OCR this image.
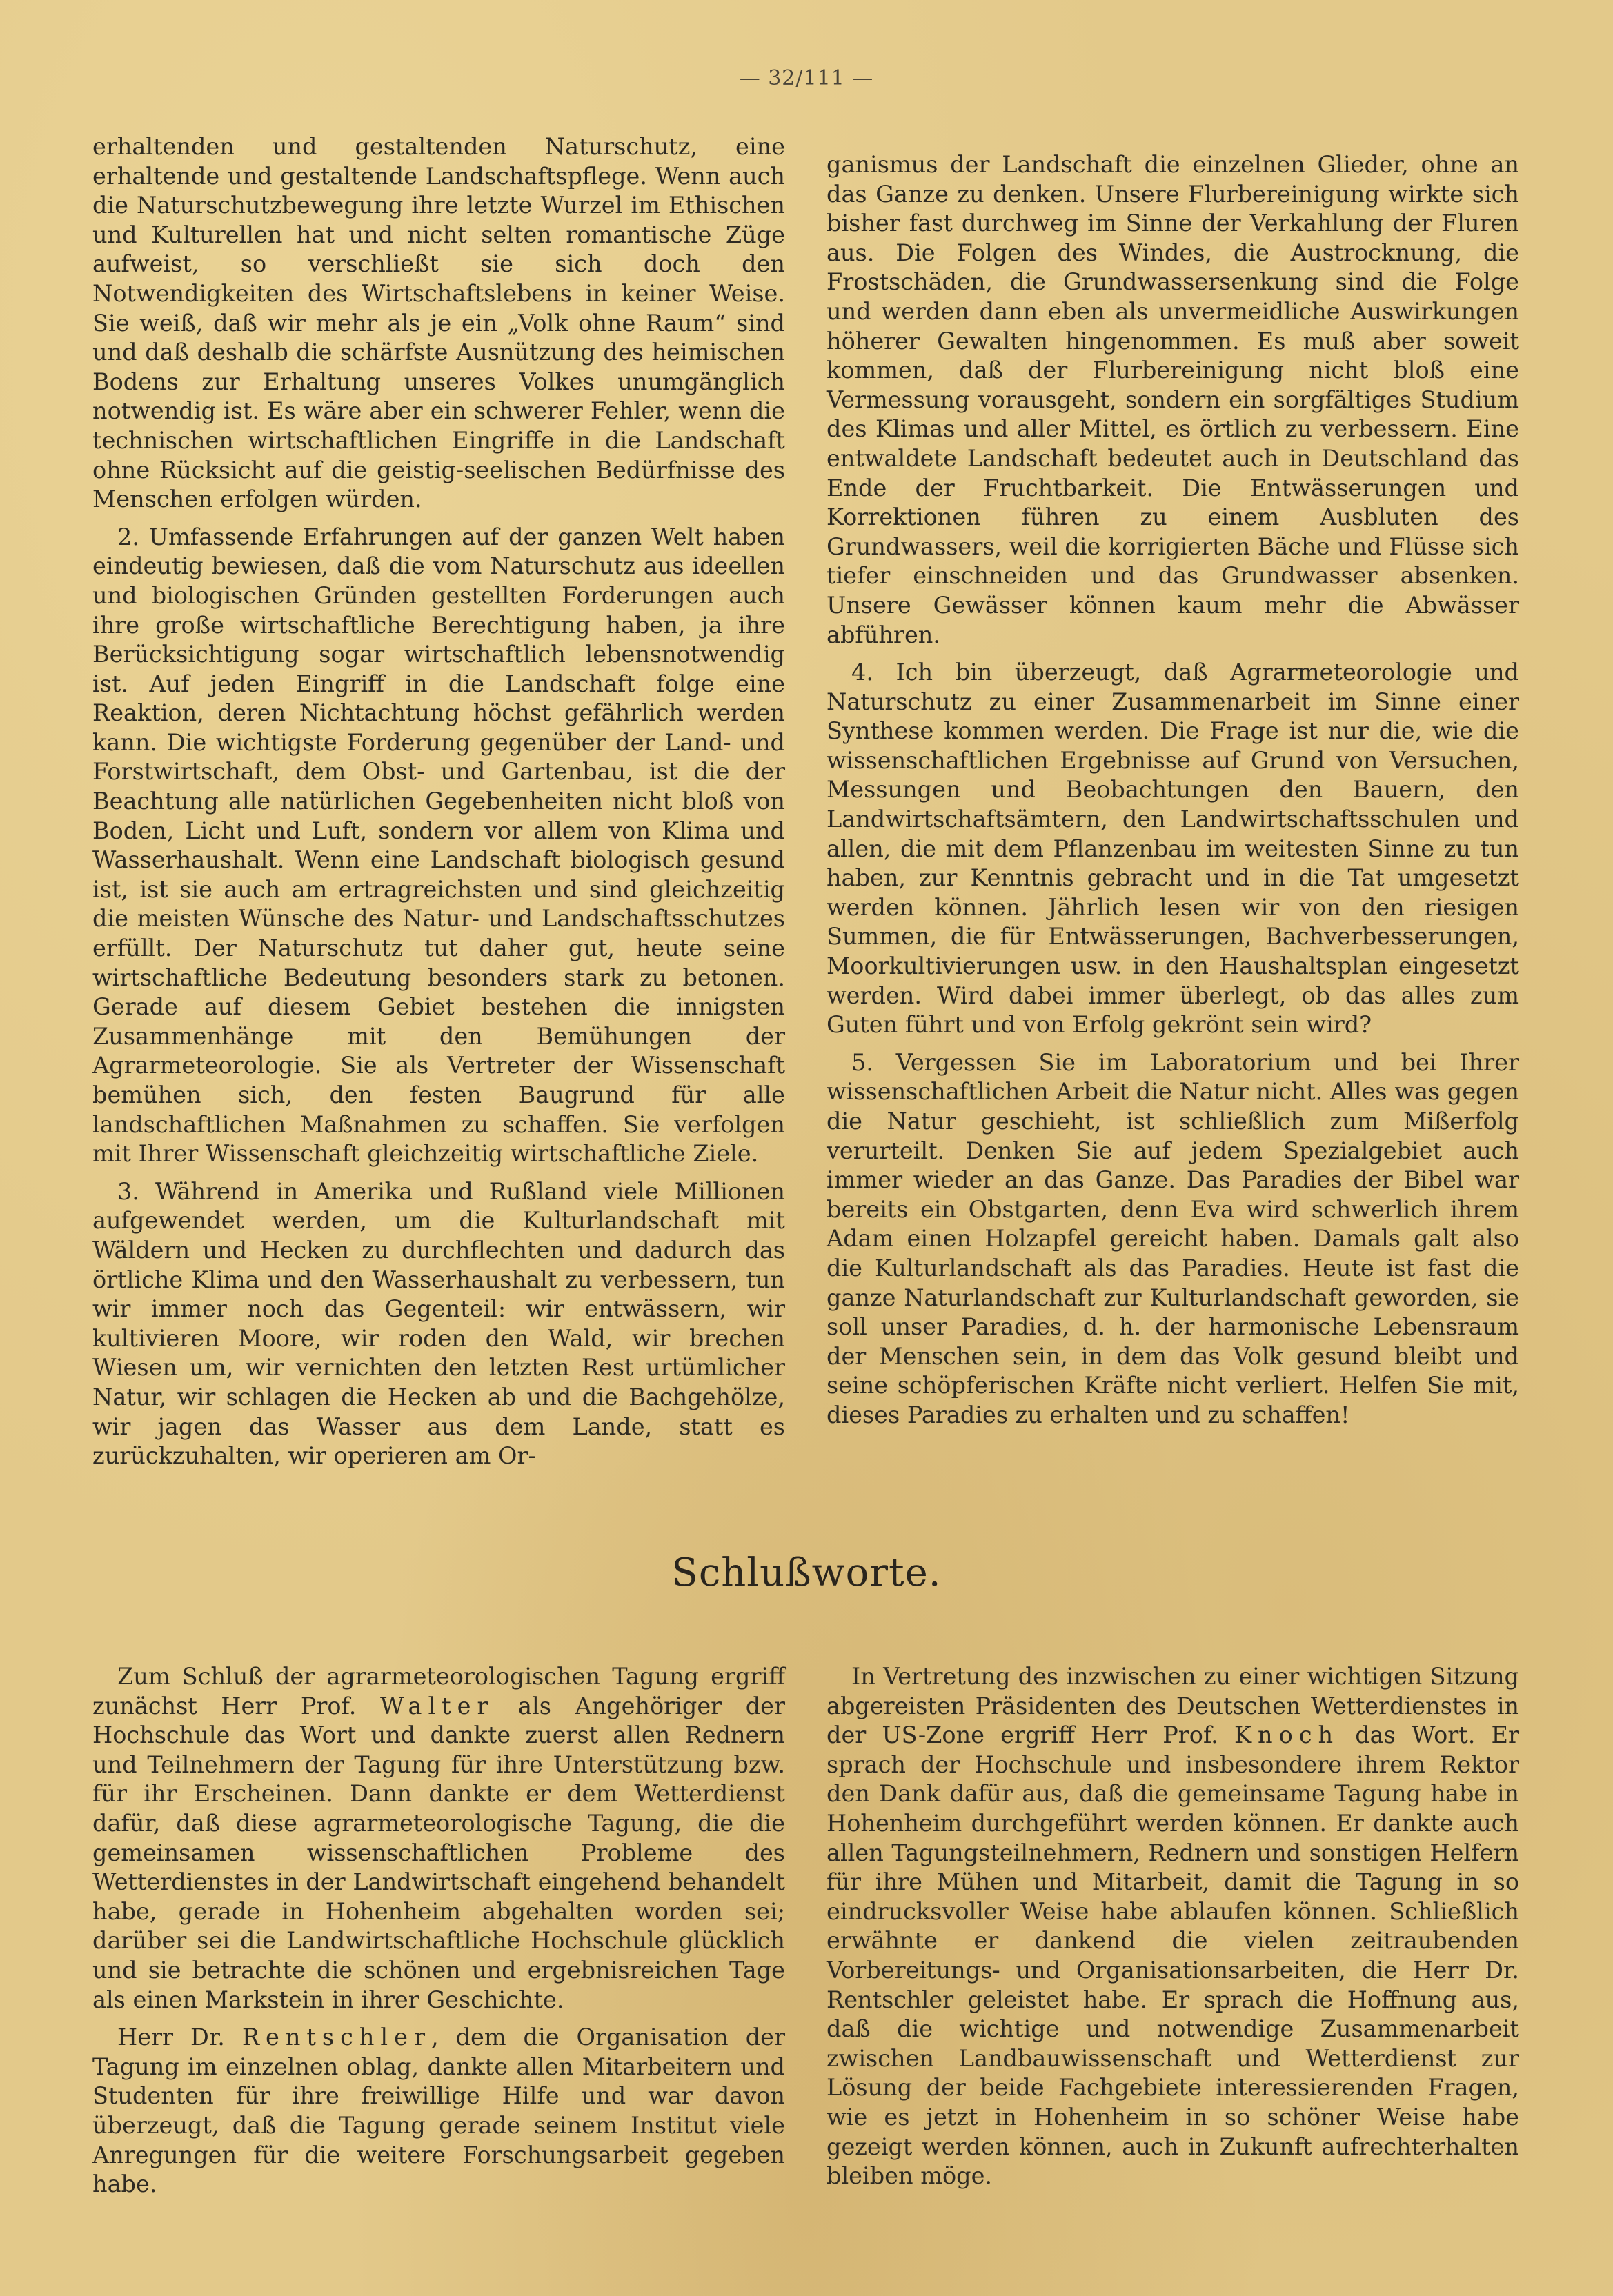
— 32/111 —

erhaltenden und gestaltenden Naturschutz, eine erhaltende und gestaltende Landschaftspflege. Wenn auch die Naturschutzbewegung ihre letzte Wurzel im Ethischen und Kulturellen hat und nicht selten romantische Züge aufweist, so verschließt sie sich doch den Notwendigkeiten des Wirtschaftslebens in keiner Weise. Sie weiß, daß wir mehr als je ein „Volk ohne Raum“ sind und daß deshalb die schärfste Ausnützung des heimischen Bodens zur Erhaltung unseres Volkes unumgänglich notwendig ist. Es wäre aber ein schwerer Fehler, wenn die technischen wirtschaftlichen Eingriffe in die Landschaft ohne Rücksicht auf die geistig-seelischen Bedürfnisse des Menschen erfolgen würden.

2. Umfassende Erfahrungen auf der ganzen Welt haben eindeutig bewiesen, daß die vom Naturschutz aus ideellen und biologischen Gründen gestellten Forderungen auch ihre große wirtschaftliche Berechtigung haben, ja ihre Berücksichtigung sogar wirtschaftlich lebensnotwendig ist. Auf jeden Eingriff in die Landschaft folge eine Reaktion, deren Nichtachtung höchst gefährlich werden kann. Die wichtigste Forderung gegenüber der Land- und Forstwirtschaft, dem Obst- und Gartenbau, ist die der Beachtung alle natürlichen Gegebenheiten nicht bloß von Boden, Licht und Luft, sondern vor allem von Klima und Wasserhaushalt. Wenn eine Landschaft biologisch gesund ist, ist sie auch am ertragreichsten und sind gleichzeitig die meisten Wünsche des Natur- und Landschaftsschutzes erfüllt. Der Naturschutz tut daher gut, heute seine wirtschaftliche Bedeutung besonders stark zu betonen. Gerade auf diesem Gebiet bestehen die innigsten Zusammenhänge mit den Bemühungen der Agrarmeteorologie. Sie als Vertreter der Wissenschaft bemühen sich, den festen Baugrund für alle landschaftlichen Maßnahmen zu schaffen. Sie verfolgen mit Ihrer Wissenschaft gleichzeitig wirtschaftliche Ziele.

3. Während in Amerika und Rußland viele Millionen aufgewendet werden, um die Kulturlandschaft mit Wäldern und Hecken zu durchflechten und dadurch das örtliche Klima und den Wasserhaushalt zu verbessern, tun wir immer noch das Gegenteil: wir entwässern, wir kultivieren Moore, wir roden den Wald, wir brechen Wiesen um, wir vernichten den letzten Rest urtümlicher Natur, wir schlagen die Hecken ab und die Bachgehölze, wir jagen das Wasser aus dem Lande, statt es zurückzuhalten, wir operieren am Or-

ganismus der Landschaft die einzelnen Glieder, ohne an das Ganze zu denken. Unsere Flurbereinigung wirkte sich bisher fast durchweg im Sinne der Verkahlung der Fluren aus. Die Folgen des Windes, die Austrocknung, die Frostschäden, die Grundwassersenkung sind die Folge und werden dann eben als unvermeidliche Auswirkungen höherer Gewalten hingenommen. Es muß aber soweit kommen, daß der Flurbereinigung nicht bloß eine Vermessung vorausgeht, sondern ein sorgfältiges Studium des Klimas und aller Mittel, es örtlich zu verbessern. Eine entwaldete Landschaft bedeutet auch in Deutschland das Ende der Fruchtbarkeit. Die Entwässerungen und Korrektionen führen zu einem Ausbluten des Grundwassers, weil die korrigierten Bäche und Flüsse sich tiefer einschneiden und das Grundwasser absenken. Unsere Gewässer können kaum mehr die Abwässer abführen.

4. Ich bin überzeugt, daß Agrarmeteorologie und Naturschutz zu einer Zusammenarbeit im Sinne einer Synthese kommen werden. Die Frage ist nur die, wie die wissenschaftlichen Ergebnisse auf Grund von Versuchen, Messungen und Beobachtungen den Bauern, den Landwirtschaftsämtern, den Landwirtschaftsschulen und allen, die mit dem Pflanzenbau im weitesten Sinne zu tun haben, zur Kenntnis gebracht und in die Tat umgesetzt werden können. Jährlich lesen wir von den riesigen Summen, die für Entwässerungen, Bachverbesserungen, Moorkultivierungen usw. in den Haushaltsplan eingesetzt werden. Wird dabei immer überlegt, ob das alles zum Guten führt und von Erfolg gekrönt sein wird?

5. Vergessen Sie im Laboratorium und bei Ihrer wissenschaftlichen Arbeit die Natur nicht. Alles was gegen die Natur geschieht, ist schließlich zum Mißerfolg verurteilt. Denken Sie auf jedem Spezialgebiet auch immer wieder an das Ganze. Das Paradies der Bibel war bereits ein Obstgarten, denn Eva wird schwerlich ihrem Adam einen Holzapfel gereicht haben. Damals galt also die Kulturlandschaft als das Paradies. Heute ist fast die ganze Naturlandschaft zur Kulturlandschaft geworden, sie soll unser Paradies, d. h. der harmonische Lebensraum der Menschen sein, in dem das Volk gesund bleibt und seine schöpferischen Kräfte nicht verliert. Helfen Sie mit, dieses Paradies zu erhalten und zu schaffen!

Schlußworte.

Zum Schluß der agrarmeteorologischen Tagung ergriff zunächst Herr Prof. Walter als Angehöriger der Hochschule das Wort und dankte zuerst allen Rednern und Teilnehmern der Tagung für ihre Unterstützung bzw. für ihr Erscheinen. Dann dankte er dem Wetterdienst dafür, daß diese agrarmeteorologische Tagung, die die gemeinsamen wissenschaftlichen Probleme des Wetterdienstes in der Landwirtschaft eingehend behandelt habe, gerade in Hohenheim abgehalten worden sei; darüber sei die Landwirtschaftliche Hochschule glücklich und sie betrachte die schönen und ergebnisreichen Tage als einen Markstein in ihrer Geschichte.

Herr Dr. Rentschler, dem die Organisation der Tagung im einzelnen oblag, dankte allen Mitarbeitern und Studenten für ihre freiwillige Hilfe und war davon überzeugt, daß die Tagung gerade seinem Institut viele Anregungen für die weitere Forschungsarbeit gegeben habe.

In Vertretung des inzwischen zu einer wichtigen Sitzung abgereisten Präsidenten des Deutschen Wetterdienstes in der US-Zone ergriff Herr Prof. Knoch das Wort. Er sprach der Hochschule und insbesondere ihrem Rektor den Dank dafür aus, daß die gemeinsame Tagung habe in Hohenheim durchgeführt werden können. Er dankte auch allen Tagungsteilnehmern, Rednern und sonstigen Helfern für ihre Mühen und Mitarbeit, damit die Tagung in so eindrucksvoller Weise habe ablaufen können. Schließlich erwähnte er dankend die vielen zeitraubenden Vorbereitungs- und Organisationsarbeiten, die Herr Dr. Rentschler geleistet habe. Er sprach die Hoffnung aus, daß die wichtige und notwendige Zusammenarbeit zwischen Landbauwissenschaft und Wetterdienst zur Lösung der beide Fachgebiete interessierenden Fragen, wie es jetzt in Hohenheim in so schöner Weise habe gezeigt werden können, auch in Zukunft aufrechterhalten bleiben möge.
